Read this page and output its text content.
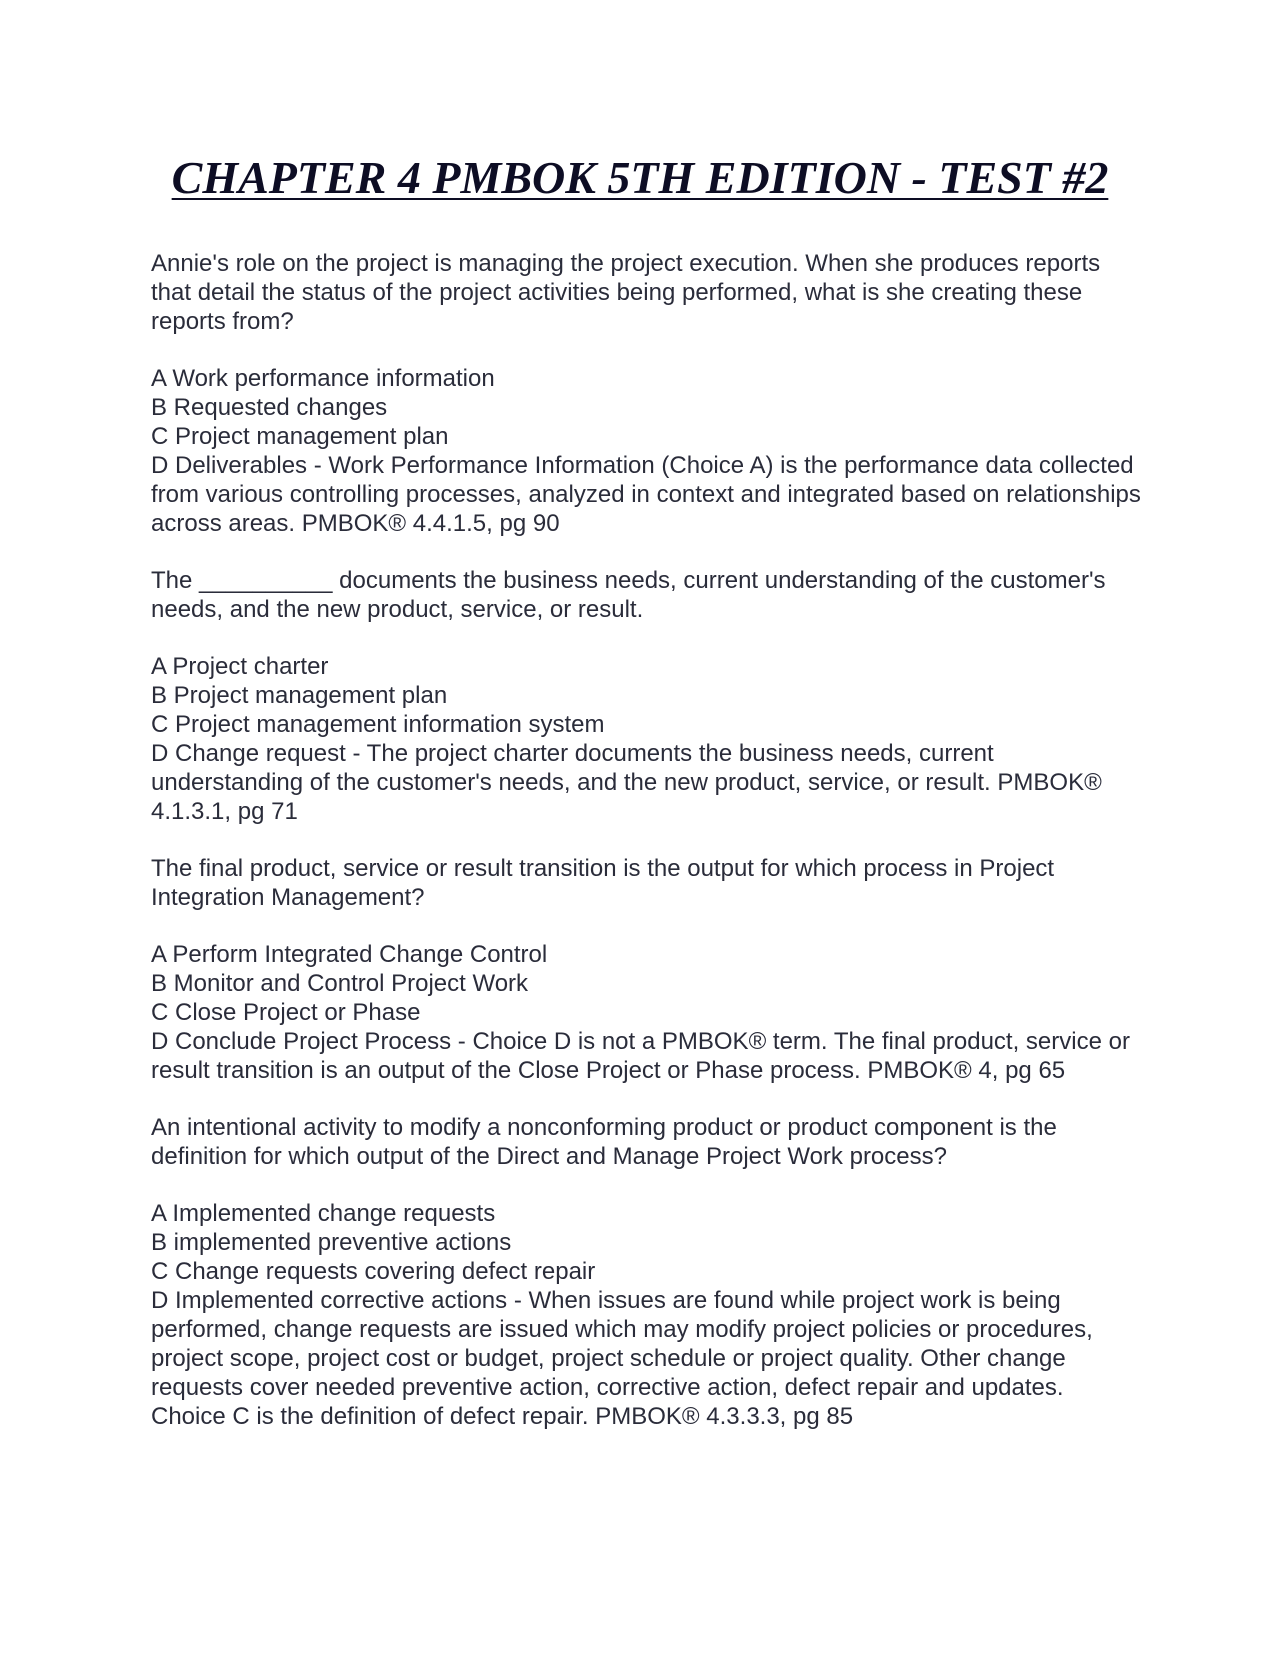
CHAPTER 4 PMBOK 5TH EDITION - TEST #2

Annie's role on the project is managing the project execution. When she produces reports that detail the status of the project activities being performed, what is she creating these reports from?

A Work performance information
B Requested changes
C Project management plan
D Deliverables - Work Performance Information (Choice A) is the performance data collected from various controlling processes, analyzed in context and integrated based on relationships across areas. PMBOK® 4.4.1.5, pg 90

The __________ documents the business needs, current understanding of the customer's needs, and the new product, service, or result.

A Project charter
B Project management plan
C Project management information system
D Change request - The project charter documents the business needs, current understanding of the customer's needs, and the new product, service, or result. PMBOK® 4.1.3.1, pg 71

The final product, service or result transition is the output for which process in Project Integration Management?

A Perform Integrated Change Control
B Monitor and Control Project Work
C Close Project or Phase
D Conclude Project Process - Choice D is not a PMBOK® term. The final product, service or result transition is an output of the Close Project or Phase process. PMBOK® 4, pg 65

An intentional activity to modify a nonconforming product or product component is the definition for which output of the Direct and Manage Project Work process?

A Implemented change requests
B implemented preventive actions
C Change requests covering defect repair
D Implemented corrective actions - When issues are found while project work is being performed, change requests are issued which may modify project policies or procedures, project scope, project cost or budget, project schedule or project quality. Other change requests cover needed preventive action, corrective action, defect repair and updates. Choice C is the definition of defect repair. PMBOK® 4.3.3.3, pg 85
